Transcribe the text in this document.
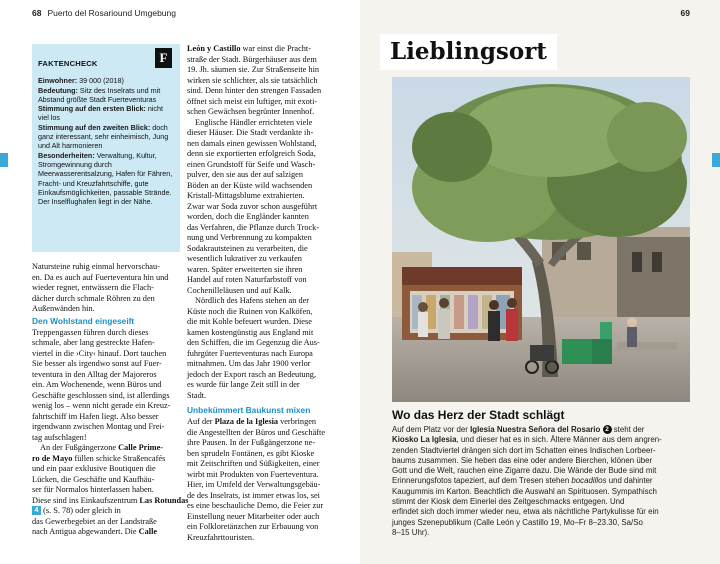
68 Puerto del Rosariound Umgebung
FAKTENCHECK
Einwohner: 39 000 (2018)
Bedeutung: Sitz des Inselrats und mit Abstand größte Stadt Fuerteventuras
Stimmung auf den ersten Blick: nicht viel los
Stimmung auf den zweiten Blick: doch ganz interessant, sehr einheimisch, Jung und Alt harmonieren
Besonderheiten: Verwaltung, Kultur, Stromgewinnung durch Meerwasserentsalzung, Hafen für Fähren, Fracht- und Kreuzfahrtschiffe, gute Einkaufsmöglichkeiten, passable Strände. Der Inselflughafen liegt in der Nähe.
F
Natursteine ruhig einmal hervorschau-
en. Da es auch auf Fuerteventura hin und
wieder regnet, entwässern die Flach-
dächer durch schmale Röhren zu den
Außenwänden hin.
Den Wohlstand eingeseift
Treppengassen führen durch dieses
schmale, aber lang gestreckte Hafen-
viertel in die ›City‹ hinauf. Dort tauchen
Sie besser als irgendwo sonst auf Fuer-
teventura in den Alltag der Majoreros
ein. Am Wochenende, wenn Büros und
Geschäfte geschlossen sind, ist allerdings
wenig los – wenn nicht gerade ein Kreuz-
fahrtschiff im Hafen liegt. Also besser
irgendwann zwischen Montag und Frei-
tag aufschlagen!
An der Fußgängerzone Calle Prime-
ro de Mayo füllen schicke Straßencafés
und ein paar exklusive Boutiquen die
Lücken, die Geschäfte und Kaufhäu-
ser für Normalos hinterlassen haben.
Diese sind ins Einkaufszentrum Las Rotundas
4 (s. S. 78) oder gleich in
das Gewerbegebiet an der Landstraße
nach Antigua abgewandert. Die Calle
León y Castillo war einst die Pracht-
straße der Stadt. Bürgerhäuser aus dem
19. Jh. säumen sie. Zur Straßenseite hin
wirken sie schlichter, als sie tatsächlich
sind. Denn hinter den strengen Fassaden
öffnet sich meist ein luftiger, mit exoti-
schen Gewächsen begrünter Innenhof.
Englische Händler errichteten viele
dieser Häuser. Die Stadt verdankte ih-
nen damals einen gewissen Wohlstand,
denn sie exportierten erfolgreich Soda,
einen Grundstoff für Seife und Wasch-
pulver, den sie aus der auf salzigen
Böden an der Küste wild wachsenden
Kristall-Mittagsblume extrahierten.
Zwar war Soda zuvor schon ausgeführt
worden, doch die Engländer kannten
das Verfahren, die Pflanze durch Trock-
nung und Verbrennung zu kompakten
Sodakrautsteinen zu verarbeiten, die
wesentlich lukrativer zu verkaufen
waren. Später erweiterten sie ihren
Handel auf roten Naturfarbstoff von
Cochenilleläusen und auf Kalk.
Nördlich des Hafens stehen an der
Küste noch die Ruinen von Kalköfen,
die mit Kohle befeuert wurden. Diese
kamen kostengünstig aus England mit
den Schiffen, die im Gegenzug die Aus-
fuhrgüter Fuerteventuras nach Europa
mitnahmen. Um das Jahr 1900 verlor
jedoch der Export rasch an Bedeutung,
es wurde für lange Zeit still in der
Stadt.
Unbekümmert Baukunst mixen
Auf der Plaza de la Iglesia verbringen
die Angestellten der Büros und Geschäfte
ihre Pausen. In der Fußgängerzone ne-
ben sprudeln Fontänen, es gibt Kioske
mit Zeitschriften und Süßigkeiten, einer
wirbt mit Produkten von Fuerteventura.
Hier, im Umfeld der Verwaltungsgebäu-
de des Inselrats, ist immer etwas los, sei
es eine beschauliche Demo, die Feier zur
Einstellung neuer Mitarbeiter oder auch
ein Folkloretänzchen zur Erbauung von
Kreuzfahrttouristen.
69
Lieblingsort
Wo das Herz der Stadt schlägt
Auf dem Platz vor der Iglesia Nuestra Señora del Rosario 2 steht der
Kiosko La Iglesia, und dieser hat es in sich. Ältere Männer aus dem angren-
zenden Stadtviertel drängen sich dort im Schatten eines Indischen Lorbeer-
baums zusammen. Sie heben das eine oder andere Bierchen, klönen über
Gott und die Welt, rauchen eine Zigarre dazu. Die Wände der Bude sind mit
Erinnerungsfotos tapeziert, auf dem Tresen stehen bocadillos und dahinter
Kaugummis im Karton. Beachtlich die Auswahl an Spirituosen. Sympathisch
stimmt der Kiosk dem Einerlei des Zeitgeschmacks entgegen. Und
erfindet sich doch immer wieder neu, etwa als nächtliche Partykulisse für ein
junges Szenepublikum (Calle León y Castillo 19, Mo–Fr 8–23.30, Sa/So
8–15 Uhr).
